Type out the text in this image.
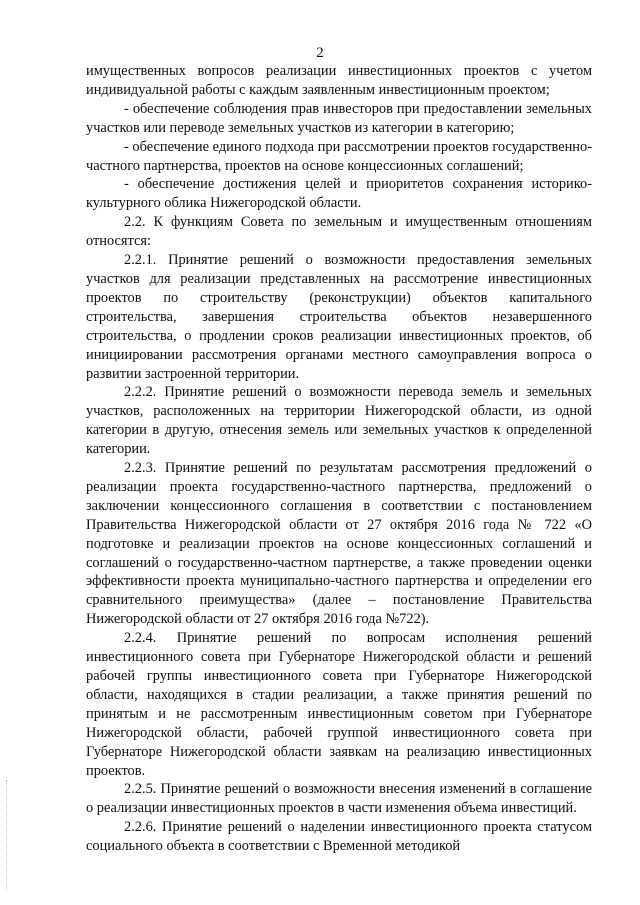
2

имущественных вопросов реализации инвестиционных проектов с учетом индивидуальной работы с каждым заявленным инвестиционным проектом;

- обеспечение соблюдения прав инвесторов при предоставлении земельных участков или переводе земельных участков из категории в категорию;

- обеспечение единого подхода при рассмотрении проектов государственно-частного партнерства, проектов на основе концессионных соглашений;

- обеспечение достижения целей и приоритетов сохранения историко-культурного облика Нижегородской области.

2.2. К функциям Совета по земельным и имущественным отношениям относятся:

2.2.1. Принятие решений о возможности предоставления земельных участков для реализации представленных на рассмотрение инвестиционных проектов по строительству (реконструкции) объектов капитального строительства, завершения строительства объектов незавершенного строительства, о продлении сроков реализации инвестиционных проектов, об инициировании рассмотрения органами местного самоуправления вопроса о развитии застроенной территории.

2.2.2. Принятие решений о возможности перевода земель и земельных участков, расположенных на территории Нижегородской области, из одной категории в другую, отнесения земель или земельных участков к определенной категории.

2.2.3. Принятие решений по результатам рассмотрения предложений о реализации проекта государственно-частного партнерства, предложений о заключении концессионного соглашения в соответствии с постановлением Правительства Нижегородской области от 27 октября 2016 года № 722 «О подготовке и реализации проектов на основе концессионных соглашений и соглашений о государственно-частном партнерстве, а также проведении оценки эффективности проекта муниципально-частного партнерства и определении его сравнительного преимущества» (далее – постановление Правительства Нижегородской области от 27 октября 2016 года №722).

2.2.4. Принятие решений по вопросам исполнения решений инвестиционного совета при Губернаторе Нижегородской области и решений рабочей группы инвестиционного совета при Губернаторе Нижегородской области, находящихся в стадии реализации, а также принятия решений по принятым и не рассмотренным инвестиционным советом при Губернаторе Нижегородской области, рабочей группой инвестиционного совета при Губернаторе Нижегородской области заявкам на реализацию инвестиционных проектов.

2.2.5. Принятие решений о возможности внесения изменений в соглашение о реализации инвестиционных проектов в части изменения объема инвестиций.

2.2.6. Принятие решений о наделении инвестиционного проекта статусом социального объекта в соответствии с Временной методикой
